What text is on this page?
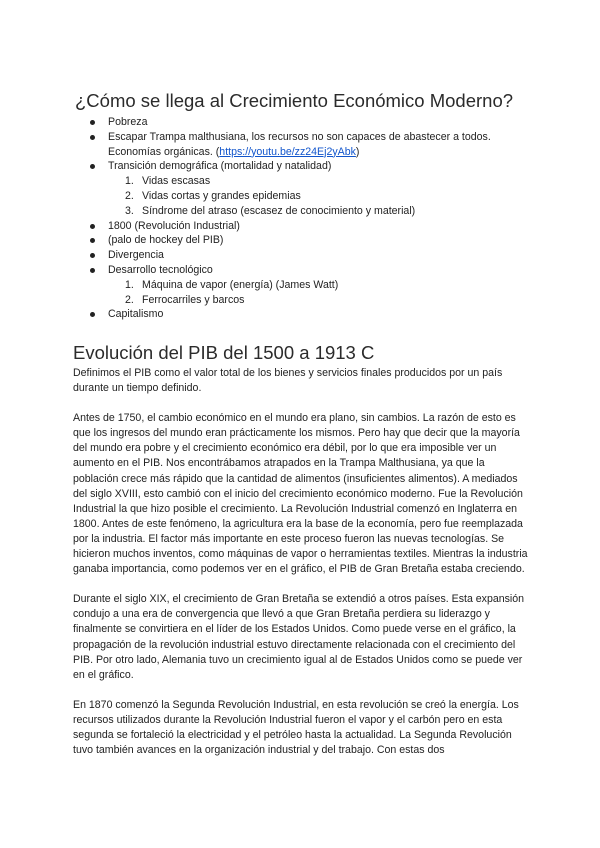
¿Cómo se llega al Crecimiento Económico Moderno?
Pobreza
Escapar Trampa malthusiana, los recursos no son capaces de abastecer a todos. Economías orgánicas. (https://youtu.be/zz24Ej2yAbk)
Transición demográfica (mortalidad y natalidad)
1. Vidas escasas
2. Vidas cortas y grandes epidemias
3. Síndrome del atraso (escasez de conocimiento y material)
1800 (Revolución Industrial)
(palo de hockey del PIB)
Divergencia
Desarrollo tecnológico
1. Máquina de vapor (energía) (James Watt)
2. Ferrocarriles y barcos
Capitalismo
Evolución del PIB del 1500 a 1913 C

Definimos el PIB como el valor total de los bienes y servicios finales producidos por un país durante un tiempo definido.

Antes de 1750, el cambio económico en el mundo era plano, sin cambios. La razón de esto es que los ingresos del mundo eran prácticamente los mismos. Pero hay que decir que la mayoría del mundo era pobre y el crecimiento económico era débil, por lo que era imposible ver un aumento en el PIB. Nos encontrábamos atrapados en la Trampa Malthusiana, ya que la población crece más rápido que la cantidad de alimentos (insuficientes alimentos). A mediados del siglo XVIII, esto cambió con el inicio del crecimiento económico moderno. Fue la Revolución Industrial la que hizo posible el crecimiento. La Revolución Industrial comenzó en Inglaterra en 1800. Antes de este fenómeno, la agricultura era la base de la economía, pero fue reemplazada por la industria. El factor más importante en este proceso fueron las nuevas tecnologías. Se hicieron muchos inventos, como máquinas de vapor o herramientas textiles. Mientras la industria ganaba importancia, como podemos ver en el gráfico, el PIB de Gran Bretaña estaba creciendo.

Durante el siglo XIX, el crecimiento de Gran Bretaña se extendió a otros países. Esta expansión condujo a una era de convergencia que llevó a que Gran Bretaña perdiera su liderazgo y finalmente se convirtiera en el líder de los Estados Unidos. Como puede verse en el gráfico, la propagación de la revolución industrial estuvo directamente relacionada con el crecimiento del PIB. Por otro lado, Alemania tuvo un crecimiento igual al de Estados Unidos como se puede ver en el gráfico.

En 1870 comenzó la Segunda Revolución Industrial, en esta revolución se creó la energía. Los recursos utilizados durante la Revolución Industrial fueron el vapor y el carbón pero en esta segunda se fortaleció la electricidad y el petróleo hasta la actualidad. La Segunda Revolución tuvo también avances en la organización industrial y del trabajo. Con estas dos
